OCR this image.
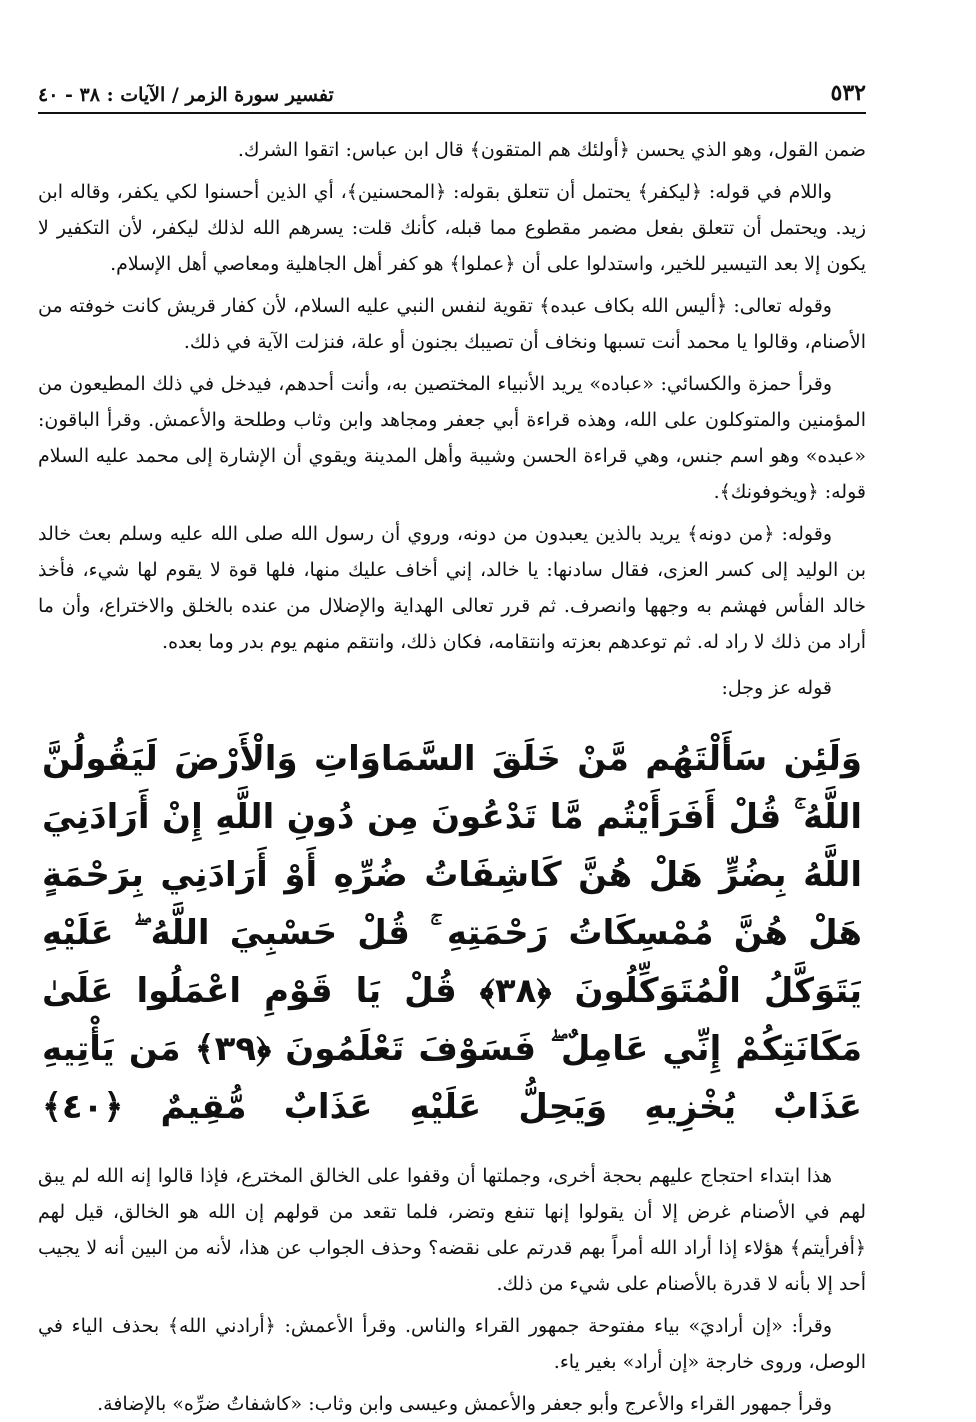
٥٣٢
تفسير سورة الزمر / الآيات : ٣٨ - ٤٠

ضمن القول، وهو الذي يحسن ﴿أولئك هم المتقون﴾ قال ابن عباس: اتقوا الشرك.

واللام في قوله: ﴿ليكفر﴾ يحتمل أن تتعلق بقوله: ﴿المحسنين﴾، أي الذين أحسنوا لكي يكفر، وقاله ابن زيد. ويحتمل أن تتعلق بفعل مضمر مقطوع مما قبله، كأنك قلت: يسرهم الله لذلك ليكفر، لأن التكفير لا يكون إلا بعد التيسير للخير، واستدلوا على أن ﴿عملوا﴾ هو كفر أهل الجاهلية ومعاصي أهل الإسلام.

وقوله تعالى: ﴿أليس الله بكاف عبده﴾ تقوية لنفس النبي عليه السلام، لأن كفار قريش كانت خوفته من الأصنام، وقالوا يا محمد أنت تسبها ونخاف أن تصيبك بجنون أو علة، فنزلت الآية في ذلك.

وقرأ حمزة والكسائي: «عباده» يريد الأنبياء المختصين به، وأنت أحدهم، فيدخل في ذلك المطيعون من المؤمنين والمتوكلون على الله، وهذه قراءة أبي جعفر ومجاهد وابن وثاب وطلحة والأعمش. وقرأ الباقون: «عبده» وهو اسم جنس، وهي قراءة الحسن وشيبة وأهل المدينة ويقوي أن الإشارة إلى محمد عليه السلام قوله: ﴿ويخوفونك﴾.

وقوله: ﴿من دونه﴾ يريد بالذين يعبدون من دونه، وروي أن رسول الله صلى الله عليه وسلم بعث خالد بن الوليد إلى كسر العزى، فقال سادنها: يا خالد، إني أخاف عليك منها، فلها قوة لا يقوم لها شيء، فأخذ خالد الفأس فهشم به وجهها وانصرف. ثم قرر تعالى الهداية والإضلال من عنده بالخلق والاختراع، وأن ما أراد من ذلك لا راد له. ثم توعدهم بعزته وانتقامه، فكان ذلك، وانتقم منهم يوم بدر وما بعده.

قوله عز وجل:

وَلَئِن سَأَلْتَهُم مَّنْ خَلَقَ السَّمَاوَاتِ وَالْأَرْضَ لَيَقُولُنَّ اللَّهُ ۚ قُلْ أَفَرَأَيْتُم مَّا تَدْعُونَ مِن دُونِ اللَّهِ إِنْ أَرَادَنِيَ اللَّهُ بِضُرٍّ هَلْ هُنَّ كَاشِفَاتُ ضُرِّهِ أَوْ أَرَادَنِي بِرَحْمَةٍ هَلْ هُنَّ مُمْسِكَاتُ رَحْمَتِهِ ۚ قُلْ حَسْبِيَ اللَّهُ ۖ عَلَيْهِ يَتَوَكَّلُ الْمُتَوَكِّلُونَ ﴿٣٨﴾ قُلْ يَا قَوْمِ اعْمَلُوا عَلَىٰ مَكَانَتِكُمْ إِنِّي عَامِلٌ ۖ فَسَوْفَ تَعْلَمُونَ ﴿٣٩﴾ مَن يَأْتِيهِ عَذَابٌ يُخْزِيهِ وَيَحِلُّ عَلَيْهِ عَذَابٌ مُّقِيمٌ ﴿٤٠﴾

هذا ابتداء احتجاج عليهم بحجة أخرى، وجملتها أن وقفوا على الخالق المخترع، فإذا قالوا إنه الله لم يبق لهم في الأصنام غرض إلا أن يقولوا إنها تنفع وتضر، فلما تقعد من قولهم إن الله هو الخالق، قيل لهم ﴿أفرأيتم﴾ هؤلاء إذا أراد الله أمراً بهم قدرتم على نقضه؟ وحذف الجواب عن هذا، لأنه من البين أنه لا يجيب أحد إلا بأنه لا قدرة بالأصنام على شيء من ذلك.

وقرأ: «إن أراديَ» بياء مفتوحة جمهور القراء والناس. وقرأ الأعمش: ﴿أرادني الله﴾ بحذف الياء في الوصل، وروى خارجة «إن أراد» بغير ياء.

وقرأ جمهور القراء والأعرج وأبو جعفر والأعمش وعيسى وابن وثاب: «كاشفاتُ ضرِّه» بالإضافة.
